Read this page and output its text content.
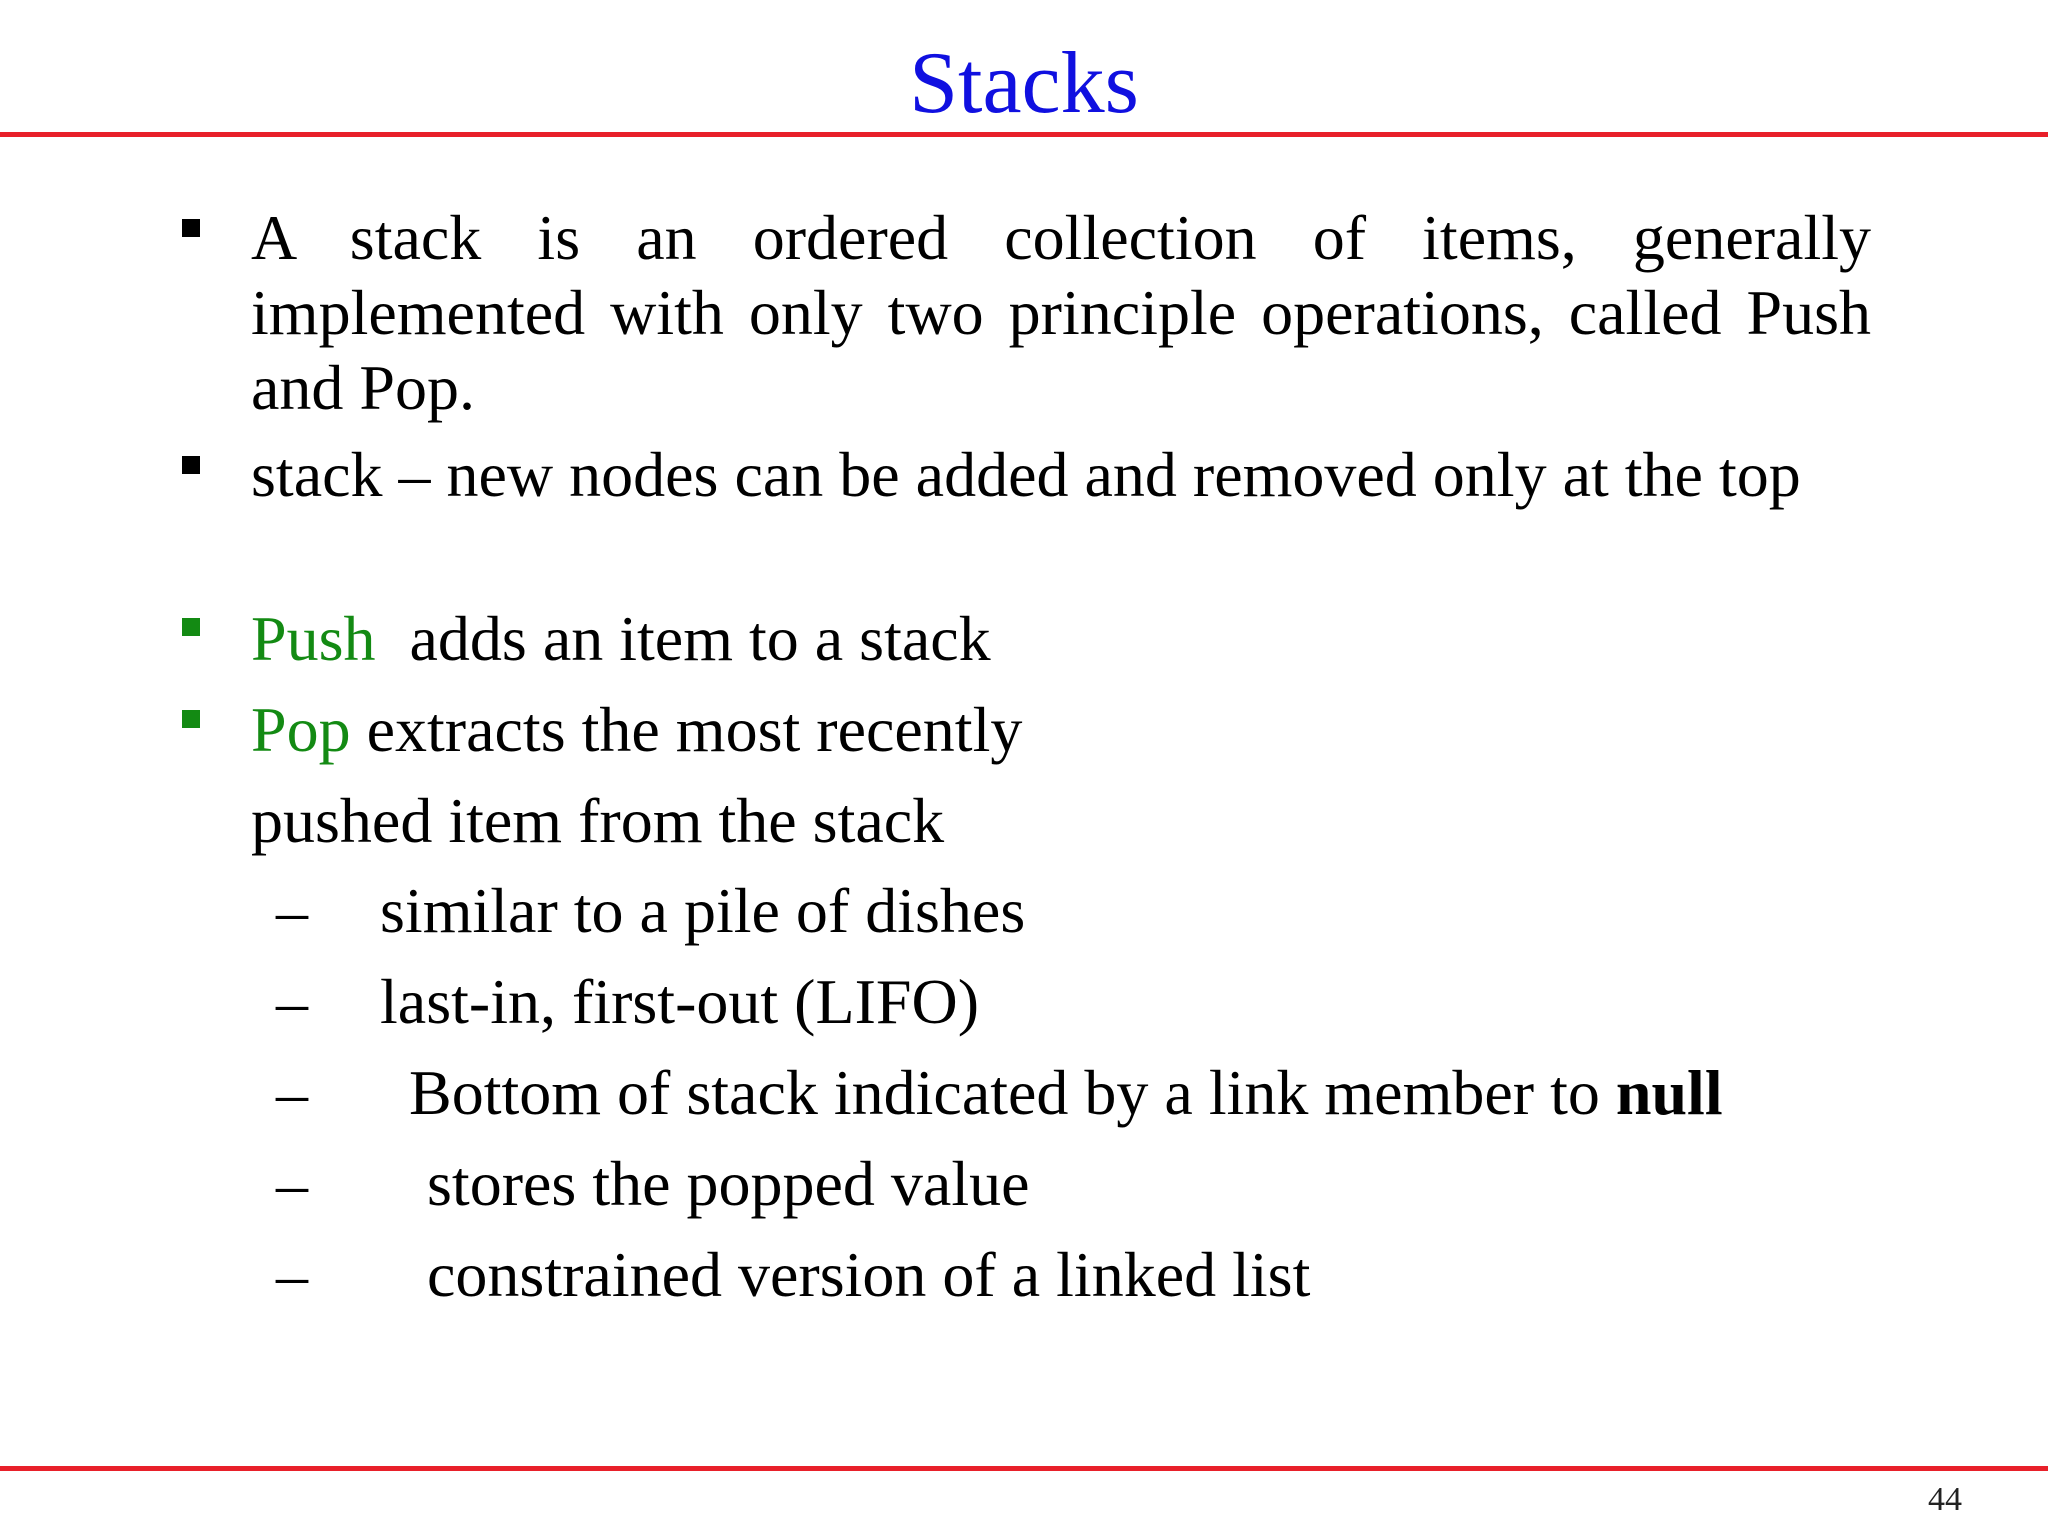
Stacks
A stack is an ordered collection of items, generally implemented with only two principle operations, called Push and Pop.
stack – new nodes can be added and removed only at the top
Push adds an item to a stack
Pop extracts the most recently
pushed item from the stack
– similar to a pile of dishes
– last-in, first-out (LIFO)
– Bottom of stack indicated by a link member to null
– stores the popped value
– constrained version of a linked list
44
